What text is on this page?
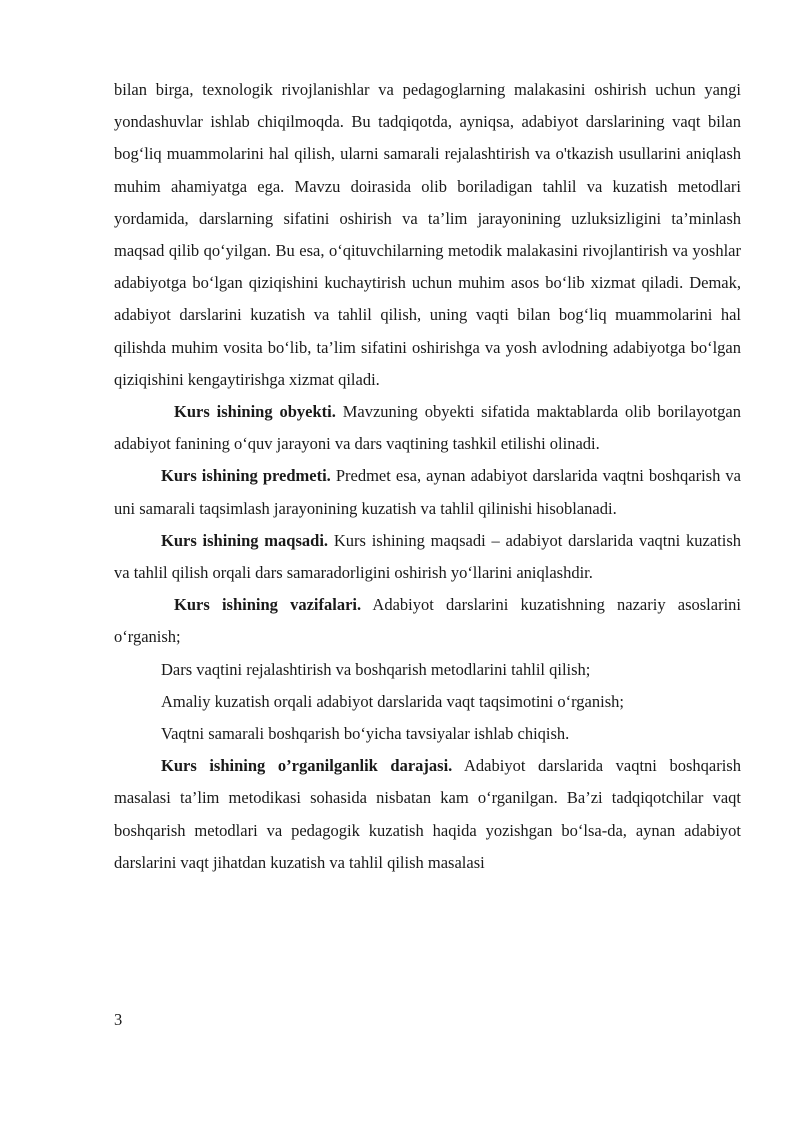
bilan birga, texnologik rivojlanishlar va pedagoglarning malakasini oshirish uchun yangi yondashuvlar ishlab chiqilmoqda. Bu tadqiqotda, ayniqsa, adabiyot darslarining vaqt bilan bog‘liq muammolarini hal qilish, ularni samarali rejalashtirish va o'tkazish usullarini aniqlash muhim ahamiyatga ega. Mavzu doirasida olib boriladigan tahlil va kuzatish metodlari yordamida, darslarning sifatini oshirish va ta’lim jarayonining uzluksizligini ta’minlash maqsad qilib qo‘yilgan. Bu esa, o‘qituvchilarning metodik malakasini rivojlantirish va yoshlar adabiyotga bo‘lgan qiziqishini kuchaytirish uchun muhim asos bo‘lib xizmat qiladi. Demak, adabiyot darslarini kuzatish va tahlil qilish, uning vaqti bilan bog‘liq muammolarini hal qilishda muhim vosita bo‘lib, ta’lim sifatini oshirishga va yosh avlodning adabiyotga bo‘lgan qiziqishini kengaytirishga xizmat qiladi.

Kurs ishining obyekti. Mavzuning obyekti sifatida maktablarda olib borilayotgan adabiyot fanining o‘quv jarayoni va dars vaqtining tashkil etilishi olinadi.

Kurs ishining predmeti. Predmet esa, aynan adabiyot darslarida vaqtni boshqarish va uni samarali taqsimlash jarayonining kuzatish va tahlil qilinishi hisoblanadi.

Kurs ishining maqsadi. Kurs ishining maqsadi – adabiyot darslarida vaqtni kuzatish va tahlil qilish orqali dars samaradorligini oshirish yo‘llarini aniqlashdir.

Kurs ishining vazifalari. Adabiyot darslarini kuzatishning nazariy asoslarini o‘rganish;

Dars vaqtini rejalashtirish va boshqarish metodlarini tahlil qilish;

Amaliy kuzatish orqali adabiyot darslarida vaqt taqsimotini o‘rganish;

Vaqtni samarali boshqarish bo‘yicha tavsiyalar ishlab chiqish.

Kurs ishining o’rganilganlik darajasi. Adabiyot darslarida vaqtni boshqarish masalasi ta’lim metodikasi sohasida nisbatan kam o‘rganilgan. Ba’zi tadqiqotchilar vaqt boshqarish metodlari va pedagogik kuzatish haqida yozishgan bo‘lsa-da, aynan adabiyot darslarini vaqt jihatdan kuzatish va tahlil qilish masalasi

3
